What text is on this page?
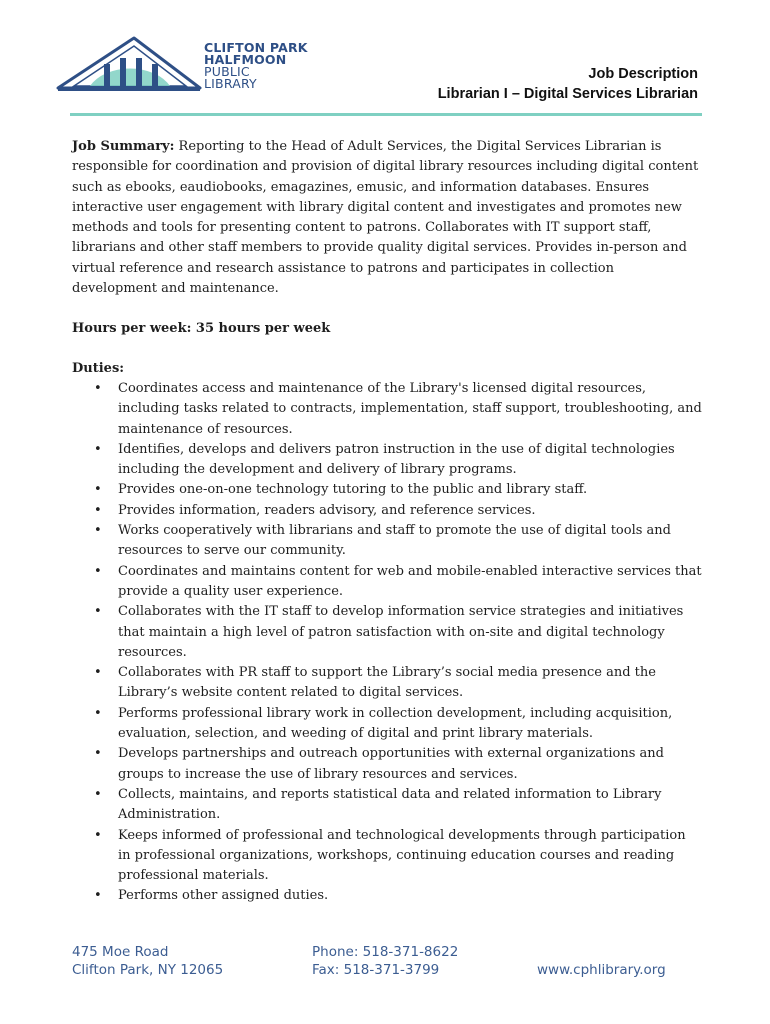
CLIFTON PARK
HALFMOON
PUBLIC
LIBRARY
Job Description
Librarian I – Digital Services Librarian

Job Summary: Reporting to the Head of Adult Services, the Digital Services Librarian is responsible for coordination and provision of digital library resources including digital content such as ebooks, eaudiobooks, emagazines, emusic, and information databases. Ensures interactive user engagement with library digital content and investigates and promotes new methods and tools for presenting content to patrons. Collaborates with IT support staff, librarians and other staff members to provide quality digital services. Provides in-person and virtual reference and research assistance to patrons and participates in collection development and maintenance.

Hours per week: 35 hours per week

Duties:

• Coordinates access and maintenance of the Library's licensed digital resources, including tasks related to contracts, implementation, staff support, troubleshooting, and maintenance of resources.
• Identifies, develops and delivers patron instruction in the use of digital technologies including the development and delivery of library programs.
• Provides one-on-one technology tutoring to the public and library staff.
• Provides information, readers advisory, and reference services.
• Works cooperatively with librarians and staff to promote the use of digital tools and resources to serve our community.
• Coordinates and maintains content for web and mobile-enabled interactive services that provide a quality user experience.
• Collaborates with the IT staff to develop information service strategies and initiatives that maintain a high level of patron satisfaction with on-site and digital technology resources.
• Collaborates with PR staff to support the Library’s social media presence and the Library’s website content related to digital services.
• Performs professional library work in collection development, including acquisition, evaluation, selection, and weeding of digital and print library materials.
• Develops partnerships and outreach opportunities with external organizations and groups to increase the use of library resources and services.
• Collects, maintains, and reports statistical data and related information to Library Administration.
• Keeps informed of professional and technological developments through participation in professional organizations, workshops, continuing education courses and reading professional materials.
• Performs other assigned duties.
475 Moe Road
Clifton Park, NY 12065
Phone: 518-371-8622
Fax: 518-371-3799	www.cphlibrary.org
